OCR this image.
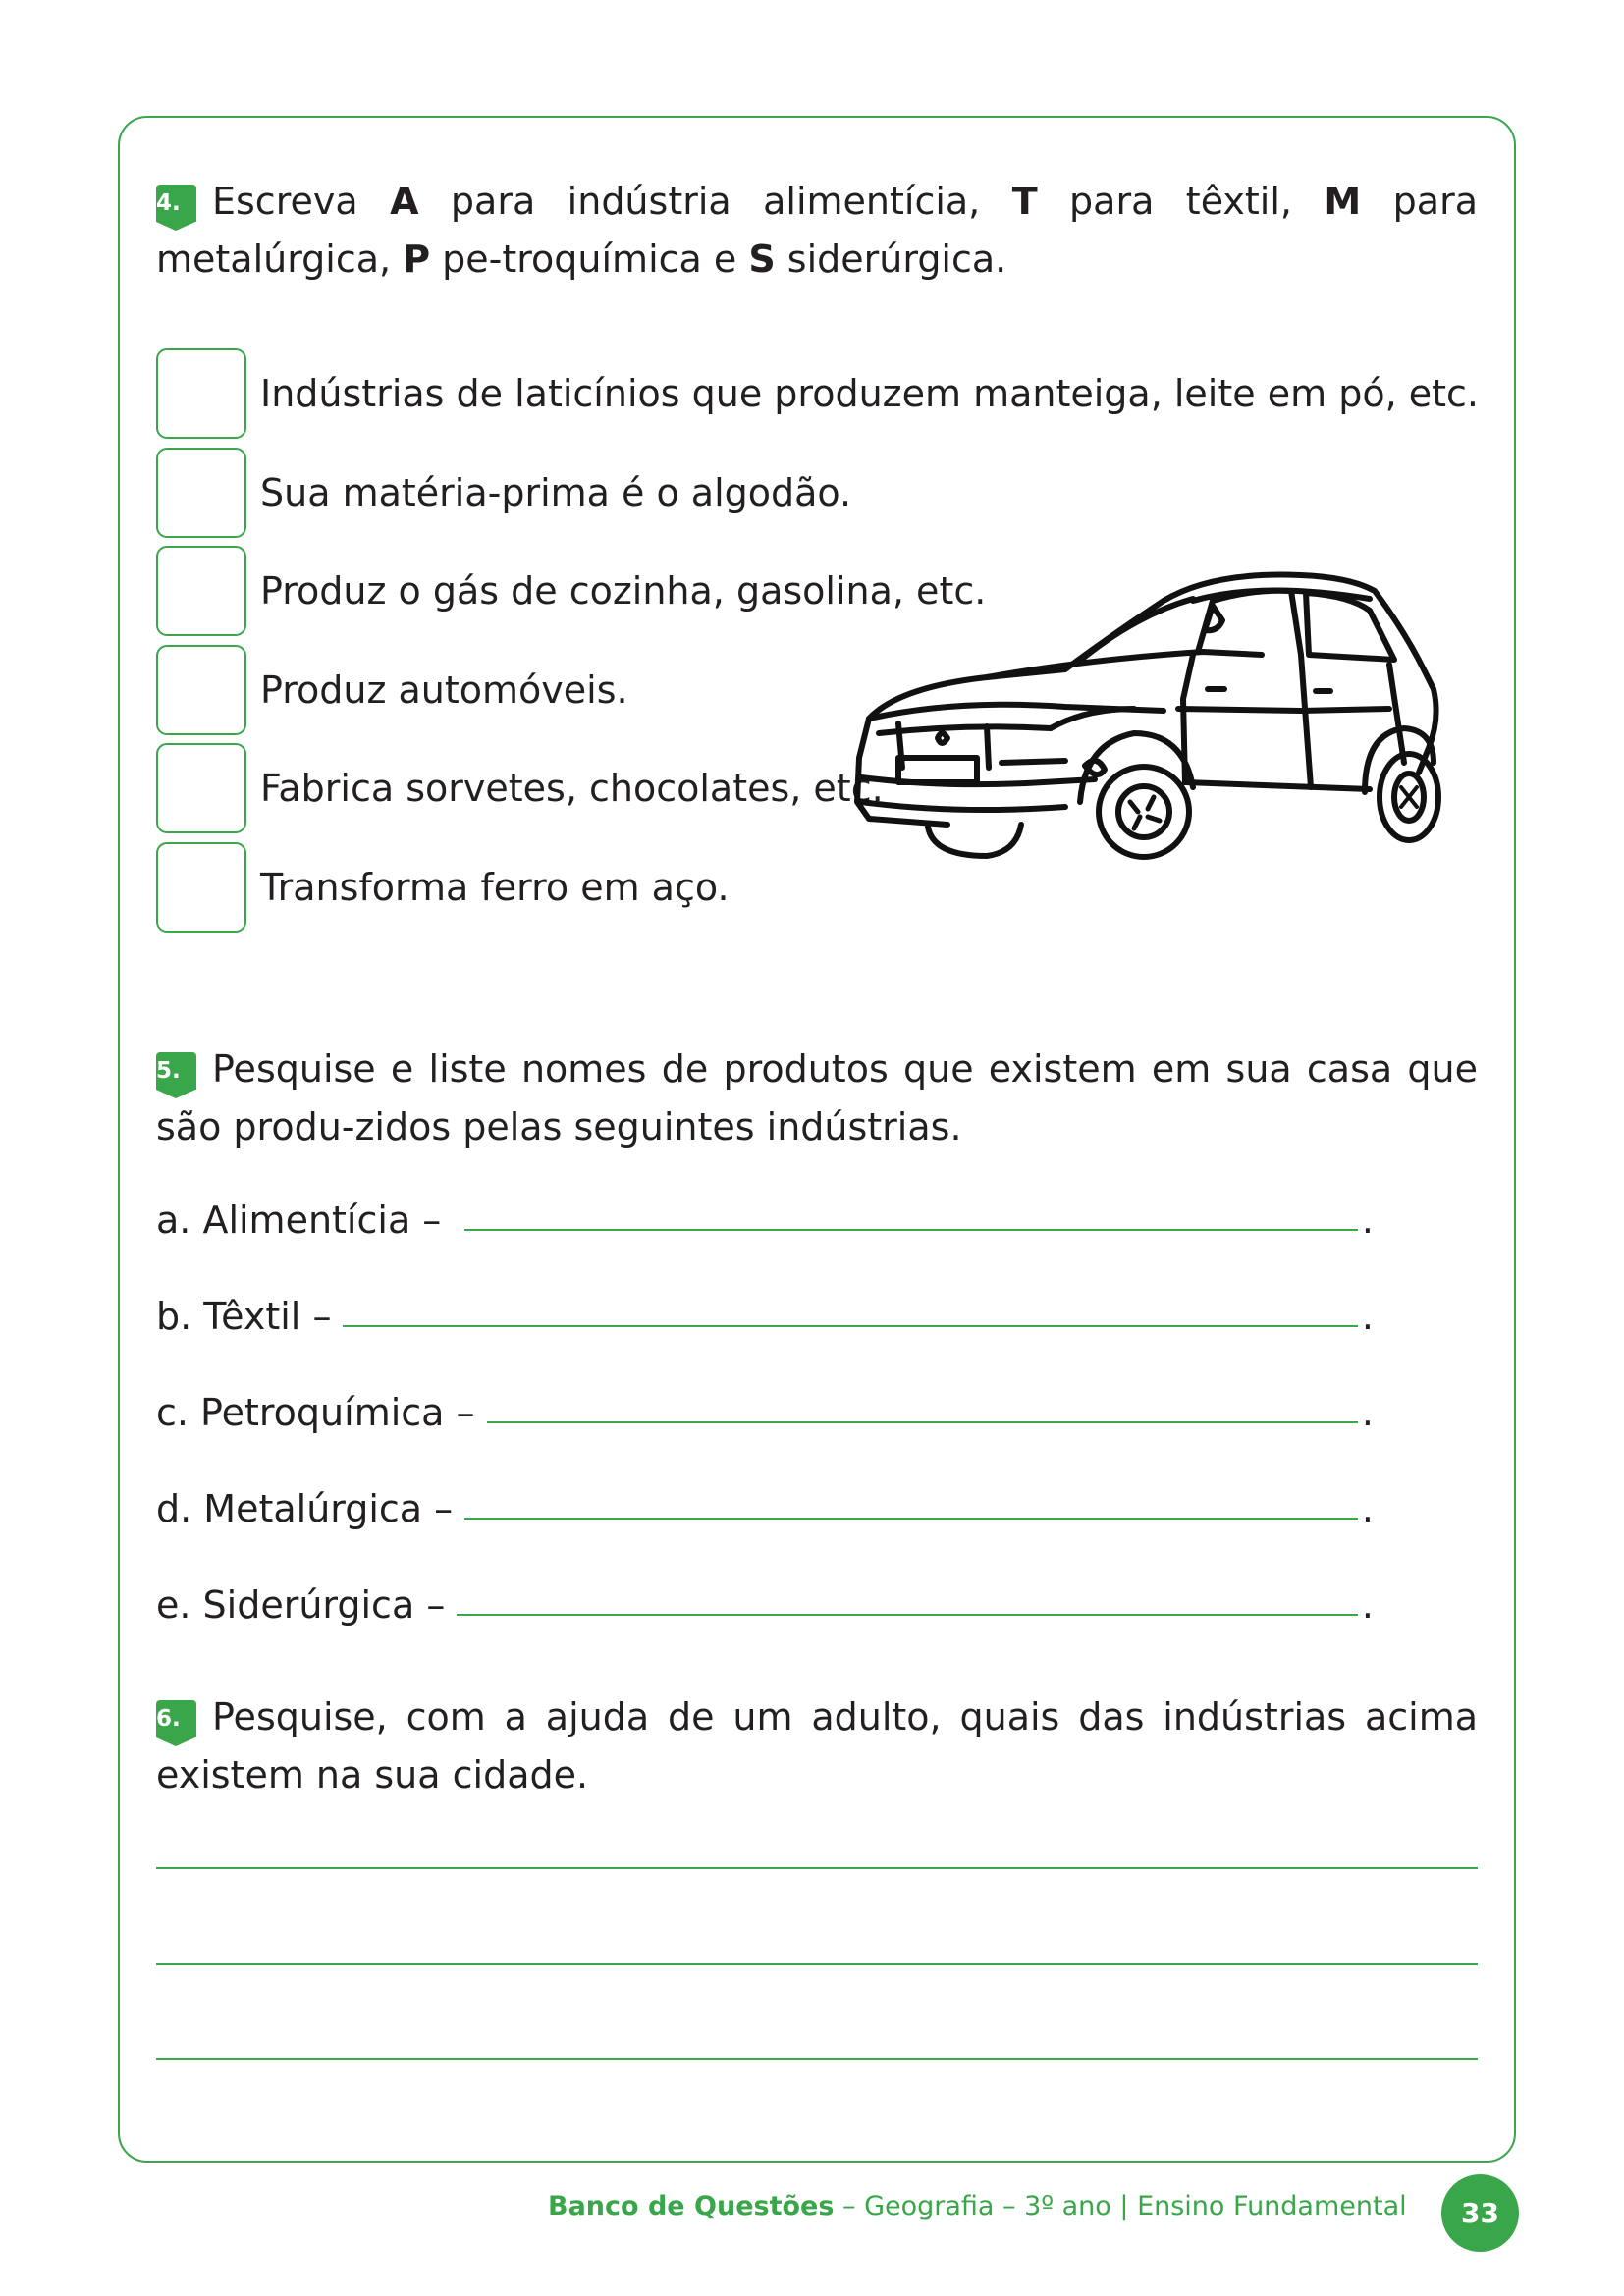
4. Escreva A para indústria alimentícia, T para têxtil, M para metalúrgica, P pe-troquímica e S siderúrgica.

Indústrias de laticínios que produzem manteiga, leite em pó, etc.
Sua matéria-prima é o algodão.
Produz o gás de cozinha, gasolina, etc.
Produz automóveis.
Fabrica sorvetes, chocolates, etc.
Transforma ferro em aço.

5. Pesquise e liste nomes de produtos que existem em sua casa que são produ-zidos pelas seguintes indústrias.

a. Alimentícia –	.
b. Têxtil –	.
c. Petroquímica –	.
d. Metalúrgica –	.
e. Siderúrgica –	.

6. Pesquise, com a ajuda de um adulto, quais das indústrias acima existem na sua cidade.

Banco de Questões – Geografia – 3º ano | Ensino Fundamental	33
